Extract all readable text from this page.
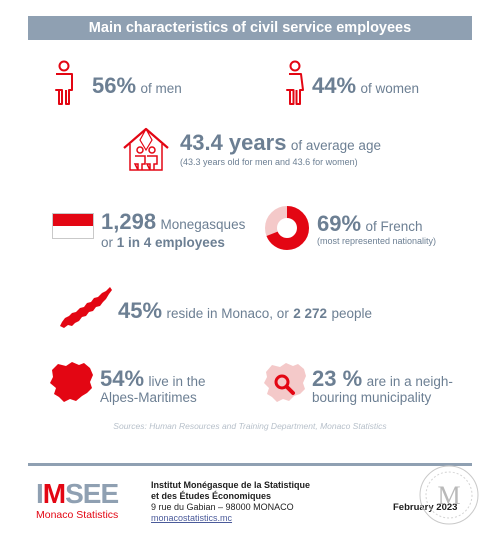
Main characteristics of civil service employees
56% of men	44% of women
43.4 years of average age
(43.3 years old for men and 43.6 for women)
1,298 Monegasques
or 1 in 4 employees
69% of French
(most represented nationality)
45% reside in Monaco, or 2 272 people
54% live in the
Alpes-Maritimes
23 % are in a neigh-
bouring municipality
Sources: Human Resources and Training Department, Monaco Statistics
IMSEE
Monaco Statistics
Institut Monégasque de la Statistique
et des Études Économiques
9 rue du Gabian – 98000 MONACO
monacostatistics.mc
February 2023
M
